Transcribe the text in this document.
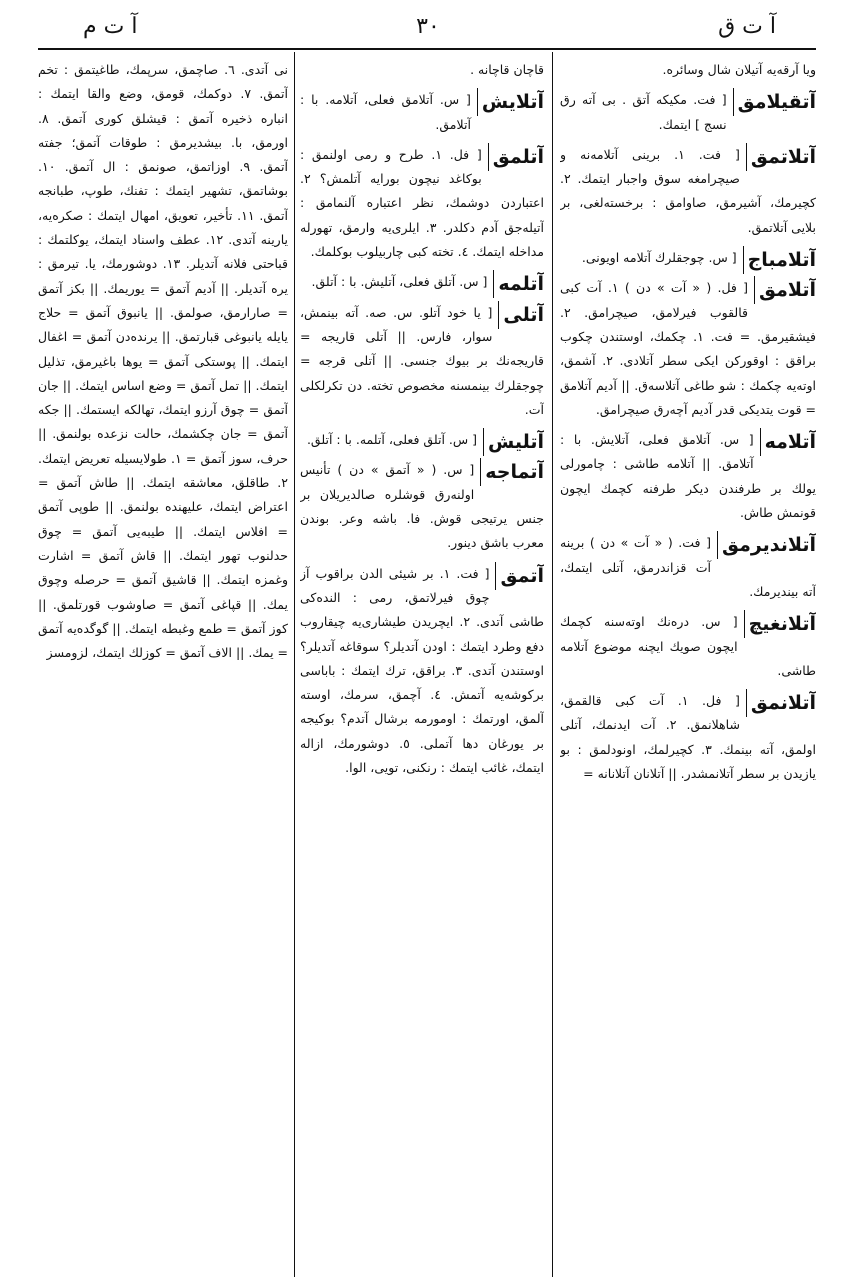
آ ت ق
٣٠
آ ت م
ويا آرقه‌يه آتيلان شال وسائره.
آتقيلامق
[ فت. مكيكه آتق . بى آته رق نسج ] ايتمك.
آتلاتمق
[ فت. ١. برينى آتلامه‌نه و صيچرامغه سوق واجبار ايتمك. ٢. كچيرمك، آشيرمق، صاوامق : برخسته‌لغى، بر بلايى آتلاتمق.
آتلامباج
[ س. چوجقلرك آتلامه اويونى.
آتلامق
[ فل. ( « آت » دن ) ١. آت كبى قالقوب فيرلامق، صيچرامق. ٢. فيشقيرمق. = فت. ١. چكمك، اوستندن چكوب براقق : اوقوركن ايكى سطر آتلادى. ٢. آشمق، اوته‌يه چكمك : شو طاغى آتلاسه‌ق. || آديم آتلامق = قوت يتديكى قدر آديم آچه‌رق صيچرامق.
آتلامه
[ س. آتلامق فعلى، آتلايش. با : آتلامق. || آتلامه طاشى : چامورلى يولك بر طرفندن ديكر طرفنه كچمك ايچون قونمش طاش.
آتلانديرمق
[ فت. ( « آت » دن ) برينه آت قزاندرمق، آتلى ايتمك، آته بينديرمك.
آتلانغيچ
[ س. دره‌نك اوته‌سنه كچمك ايچون صويك ايچنه موضوع آتلامه طاشى.
آتلانمق
[ فل. ١. آت كبى قالقمق، شاهلانمق. ٢. آت ايدنمك، آتلى اولمق، آته بينمك. ٣. كچيرلمك، اونودلمق : بو يازيدن بر سطر آتلانمشدر. || آتلانان آتلانانه =
قاچان قاچانه .
آتلايش
[ س. آتلامق فعلى، آتلامه. با : آتلامق.
آتلمق
[ فل. ١. طرح و رمى اولنمق : بوكاغد نيچون بورايه آتلمش؟ ٢. اعتباردن دوشمك، نظر اعتباره آلنمامق : آتيله‌جق آدم دكلدر. ٣. ايلرى‌يه وارمق، تهورله مداخله ايتمك. ٤. تخته كبى چاربيلوب بوكلمك.
آتلمه
[ س. آتلق فعلى، آتليش. با : آتلق.
آتلى
[ يا خود آتلو. س. صه. آته بينمش، سوار، فارس. || آتلى قاريجه = قاريجه‌نك بر بيوك جنسى. || آتلى قرجه = چوجقلرك بينمسنه مخصوص تخته. دن تكرلكلى آت.
آتليش
[ س. آتلق فعلى، آتلمه. با : آتلق.
آتماجه
[ س. ( « آتمق » دن ) تأنيس اولنه‌رق قوشلره صالديريلان بر جنس يرتيجى قوش. فا. باشه وعر. بوندن معرب باشق دينور.
آتمق
[ فت. ١. بر شيئى الدن براقوب آز چوق فيرلاتمق، رمى : النده‌كى طاشى آتدى. ٢. ايچريدن طيشارى‌يه چيقاروب دفع وطرد ايتمك : اودن آتديلر؟ سوقاغه آتديلر؟ اوستندن آتدى. ٣. براقق، ترك ايتمك : باباسى بركوشه‌يه آتمش. ٤. آچمق، سرمك، اوسته آلمق، اورتمك : اومورمه برشال آتدم؟ بوكيجه بر يورغان دها آتملى. ٥. دوشورمك، ازاله ايتمك، غائب ايتمك : رنكنى، تويى، الوا.
نى آتدى. ٦. صاچمق، سرپمك، طاغيتمق : تخم آتمق. ٧. دوكمك، قومق، وضع والقا ايتمك : انباره ذخيره آتمق : قيشلق كورى آتمق. ٨. اورمق، با. بيشديرمق : طوقات آتمق؛ جفته آتمق. ٩. اوزاتمق، صونمق : ال آتمق. ١٠. بوشاتمق، تشهير ايتمك : تفنك، طوپ، طبانجه آتمق. ١١. تأخير، تعويق، امهال ايتمك : صكره‌يه، يارينه آتدى. ١٢. عطف واسناد ايتمك، يوكلتمك : قباحتى فلانه آتديلر. ١٣. دوشورمك، يا. تيرمق : يره آتديلر. || آديم آتمق = يوريمك. || بكز آتمق = صارارمق، صولمق. || يانبوق آتمق = حلاج يايله يانبوغى قبارتمق. || يرنده‌دن آتمق = اغفال ايتمك. || پوستكى آتمق = يوها باغيرمق، تذليل ايتمك. || تمل آتمق = وضع اساس ايتمك. || جان آتمق = چوق آرزو ايتمك، تهالكه ايستمك. || جكه آتمق = جان چكشمك، حالت نزعده بولنمق. || حرف، سوز آتمق = ١. طولايسيله تعريض ايتمك. ٢. طاقلق، معاشقه ايتمك. || طاش آتمق = اعتراض ايتمك، عليهنده بولنمق. || طوپى آتمق = افلاس ايتمك. || طيبه‌يى آتمق = چوق حدلنوب تهور ايتمك. || قاش آتمق = اشارت وغمزه ايتمك. || قاشيق آتمق = حرصله وچوق يمك. || قپاغى آتمق = صاوشوب قورتلمق. || كوز آتمق = طمع وغبطه ايتمك. || گوگده‌يه آتمق = يمك. || الاف آتمق = كوزلك ايتمك، لزومسز
